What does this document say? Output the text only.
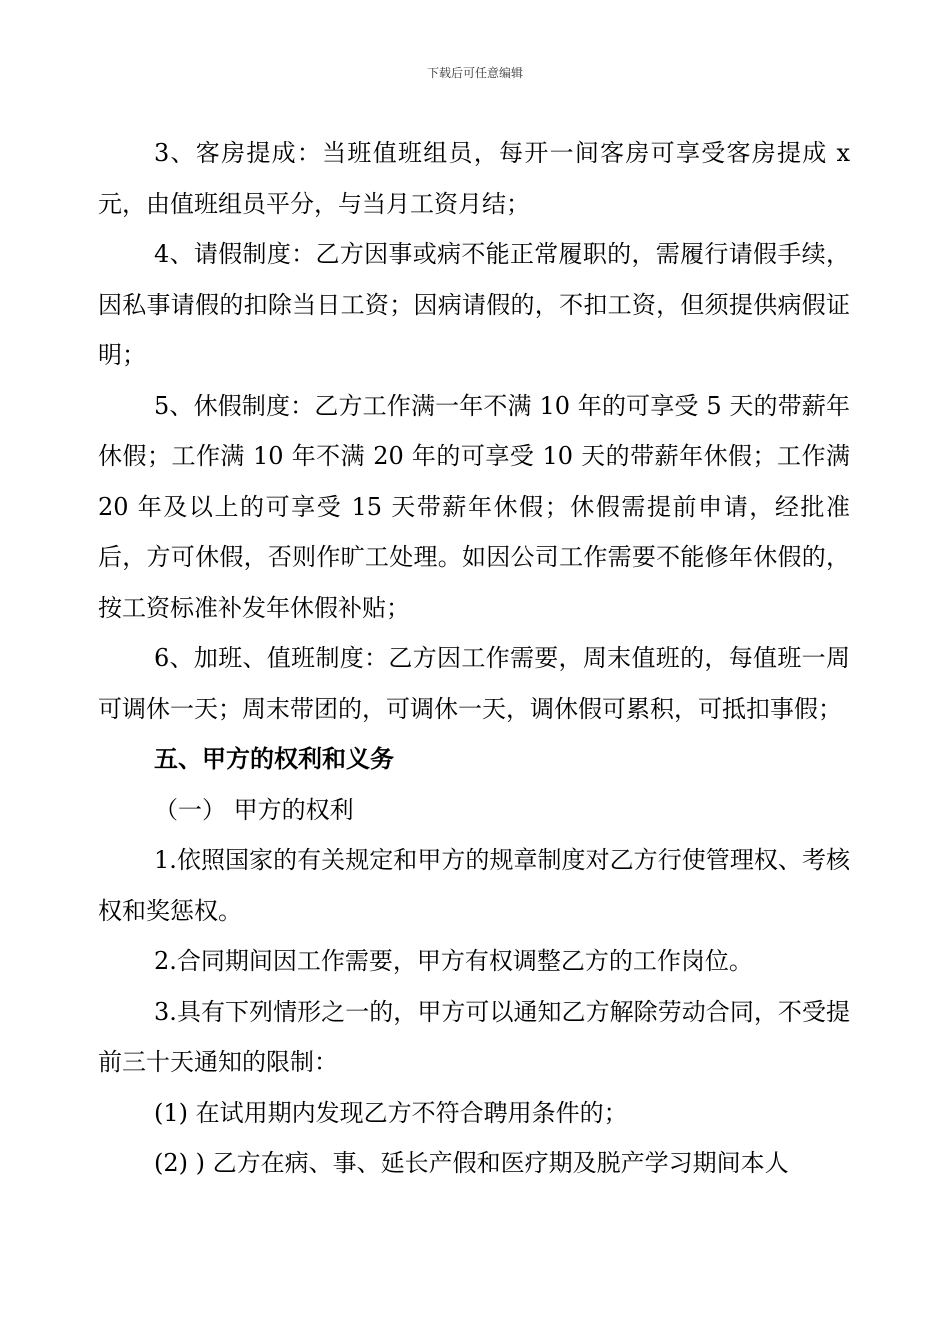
下载后可任意编辑

3、客房提成：当班值班组员，每开一间客房可享受客房提成 x 元，由值班组员平分，与当月工资月结；

4、请假制度：乙方因事或病不能正常履职的，需履行请假手续，因私事请假的扣除当日工资；因病请假的，不扣工资，但须提供病假证明；

5、休假制度：乙方工作满一年不满 10 年的可享受 5 天的带薪年休假；工作满 10 年不满 20 年的可享受 10 天的带薪年休假；工作满 20 年及以上的可享受 15 天带薪年休假；休假需提前申请，经批准后，方可休假，否则作旷工处理。如因公司工作需要不能修年休假的，按工资标准补发年休假补贴；

6、加班、值班制度：乙方因工作需要，周末值班的，每值班一周可调休一天；周末带团的，可调休一天，调休假可累积，可抵扣事假；

五、甲方的权利和义务

（一） 甲方的权利

1.依照国家的有关规定和甲方的规章制度对乙方行使管理权、考核权和奖惩权。

2.合同期间因工作需要，甲方有权调整乙方的工作岗位。

3.具有下列情形之一的，甲方可以通知乙方解除劳动合同，不受提前三十天通知的限制：

(1) 在试用期内发现乙方不符合聘用条件的；

(2) ) 乙方在病、事、延长产假和医疗期及脱产学习期间本人
